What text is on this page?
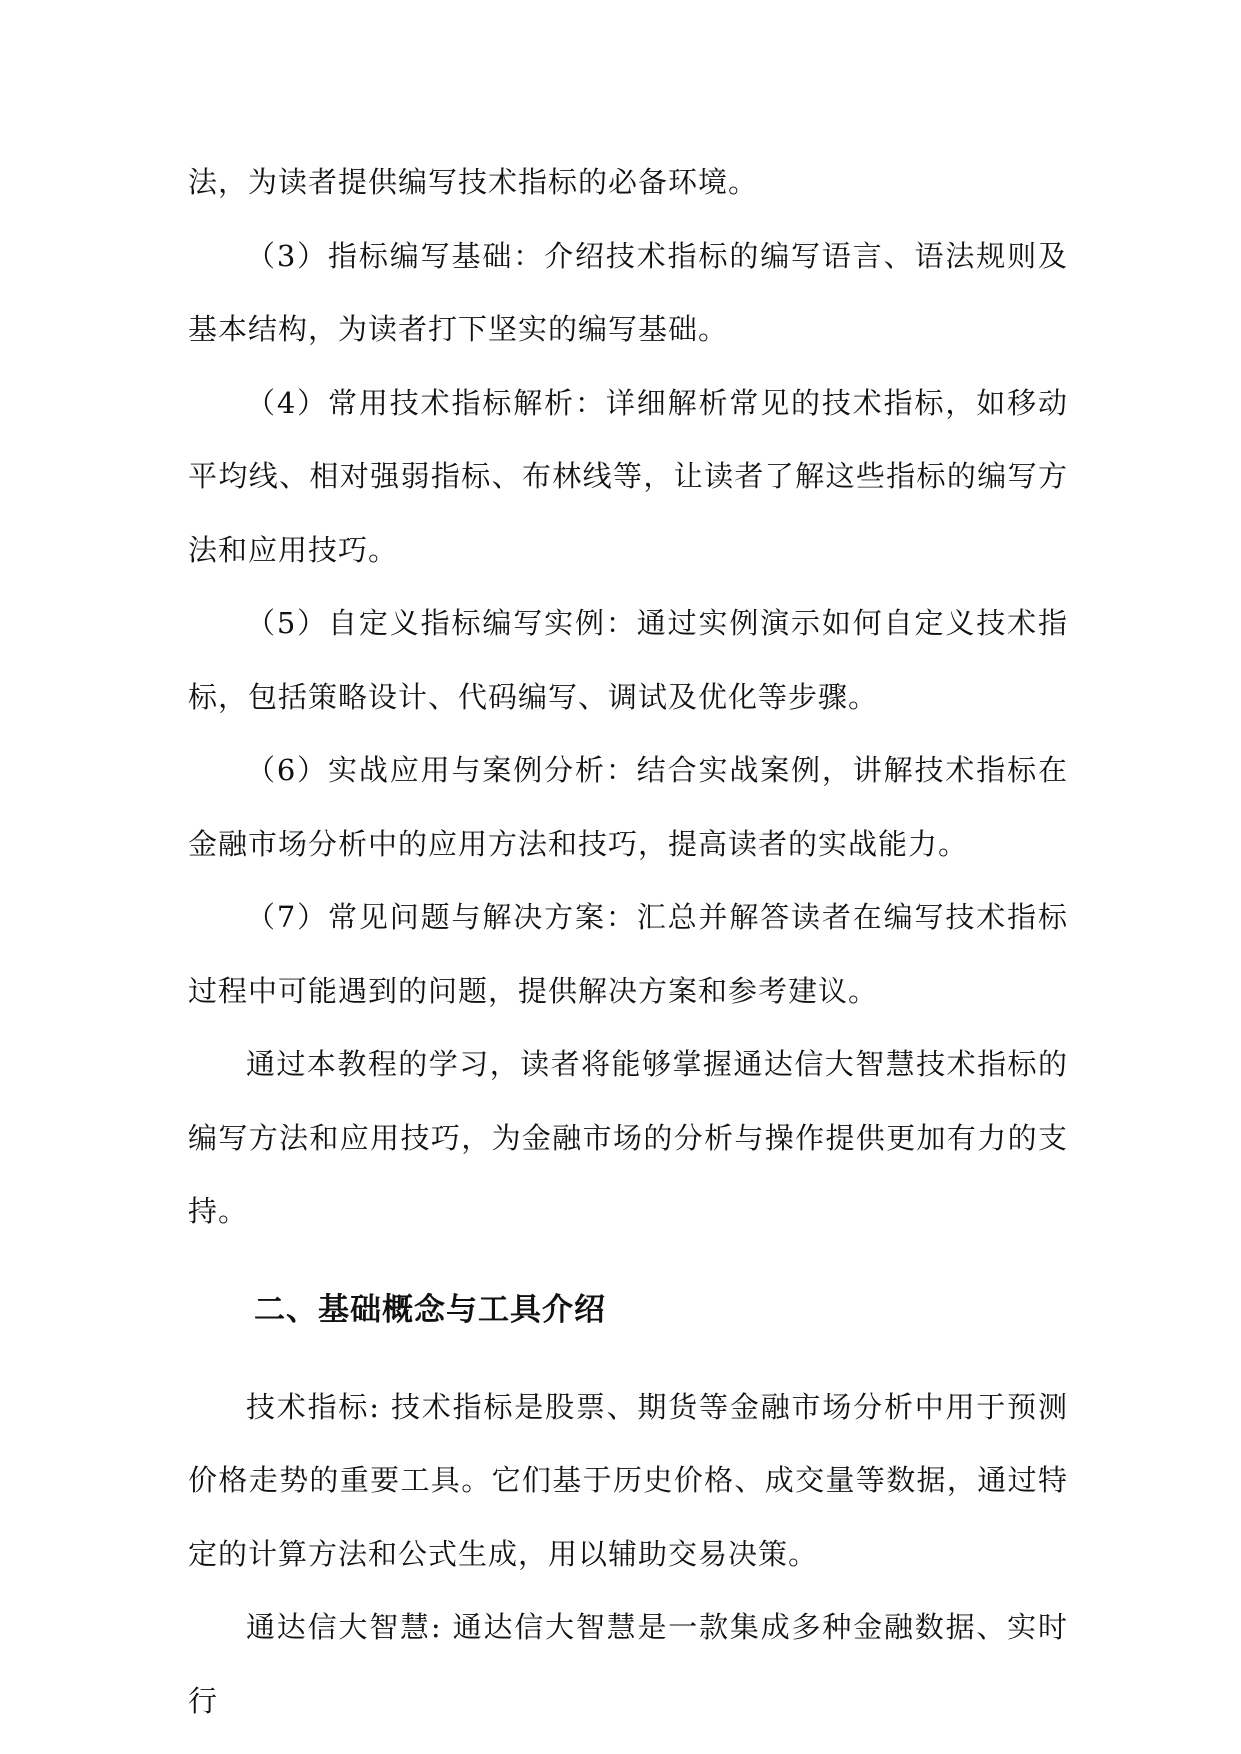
法，为读者提供编写技术指标的必备环境。

（3）指标编写基础：介绍技术指标的编写语言、语法规则及基本结构，为读者打下坚实的编写基础。

（4）常用技术指标解析：详细解析常见的技术指标，如移动平均线、相对强弱指标、布林线等，让读者了解这些指标的编写方法和应用技巧。

（5）自定义指标编写实例：通过实例演示如何自定义技术指标，包括策略设计、代码编写、调试及优化等步骤。

（6）实战应用与案例分析：结合实战案例，讲解技术指标在金融市场分析中的应用方法和技巧，提高读者的实战能力。

（7）常见问题与解决方案：汇总并解答读者在编写技术指标过程中可能遇到的问题，提供解决方案和参考建议。

通过本教程的学习，读者将能够掌握通达信大智慧技术指标的编写方法和应用技巧，为金融市场的分析与操作提供更加有力的支持。

二、基础概念与工具介绍

技术指标: 技术指标是股票、期货等金融市场分析中用于预测价格走势的重要工具。它们基于历史价格、成交量等数据，通过特定的计算方法和公式生成，用以辅助交易决策。

通达信大智慧: 通达信大智慧是一款集成多种金融数据、实时行
